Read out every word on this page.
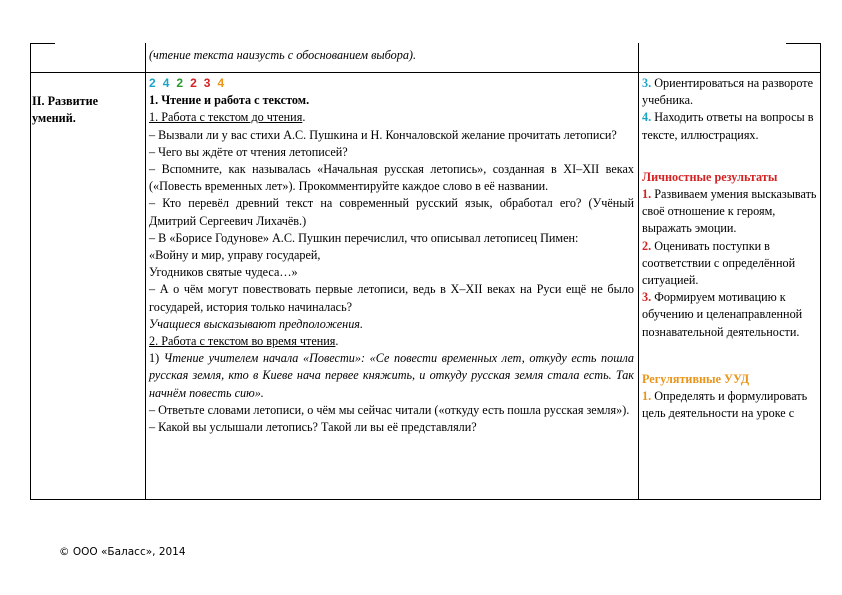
(чтение текста наизусть с обоснованием выбора).
II. Развитие
умений.
2 4 2 2 3 4

1. Чтение и работа с текстом.

1. Работа с текстом до чтения.

– Вызвали ли у вас стихи А.С. Пушкина и Н. Кончаловской желание прочитать летописи?

– Чего вы ждёте от чтения летописей?

– Вспомните, как называлась «Начальная русская летопись», созданная в XI–XII веках («Повесть временных лет»). Прокомментируйте каждое слово в её названии.

– Кто перевёл древний текст на современный русский язык, обработал его? (Учёный Дмитрий Сергеевич Лихачёв.)

– В «Борисе Годунове» А.С. Пушкин перечислил, что описывал летописец Пимен:

«Войну и мир, управу государей,

Угодников святые чудеса…»

– А о чём могут повествовать первые летописи, ведь в X–XII веках на Руси ещё не было государей, история только начиналась?

Учащиеся высказывают предположения.

2. Работа с текстом во время чтения.

1) Чтение учителем начала «Повести»: «Се повести временных лет, откуду есть пошла русская земля, кто в Киеве нача первее княжить, и откуду русская земля стала есть. Так начнём повесть сию».

– Ответьте словами летописи, о чём мы сейчас читали («откуду есть пошла русская земля»).

– Какой вы услышали летопись? Такой ли вы её представляли?

3. Ориентироваться на развороте учебника.

4. Находить ответы на вопросы в тексте, иллюстрациях.

Личностные результаты

1. Развиваем умения высказывать своё отношение к героям, выражать эмоции.

2. Оценивать поступки в соответствии с определённой ситуацией.

3. Формируем мотивацию к обучению и целенаправленной познавательной деятельности.

Регулятивные УУД

1. Определять и формулировать цель деятельности на уроке с

© ООО «Баласс», 2014
